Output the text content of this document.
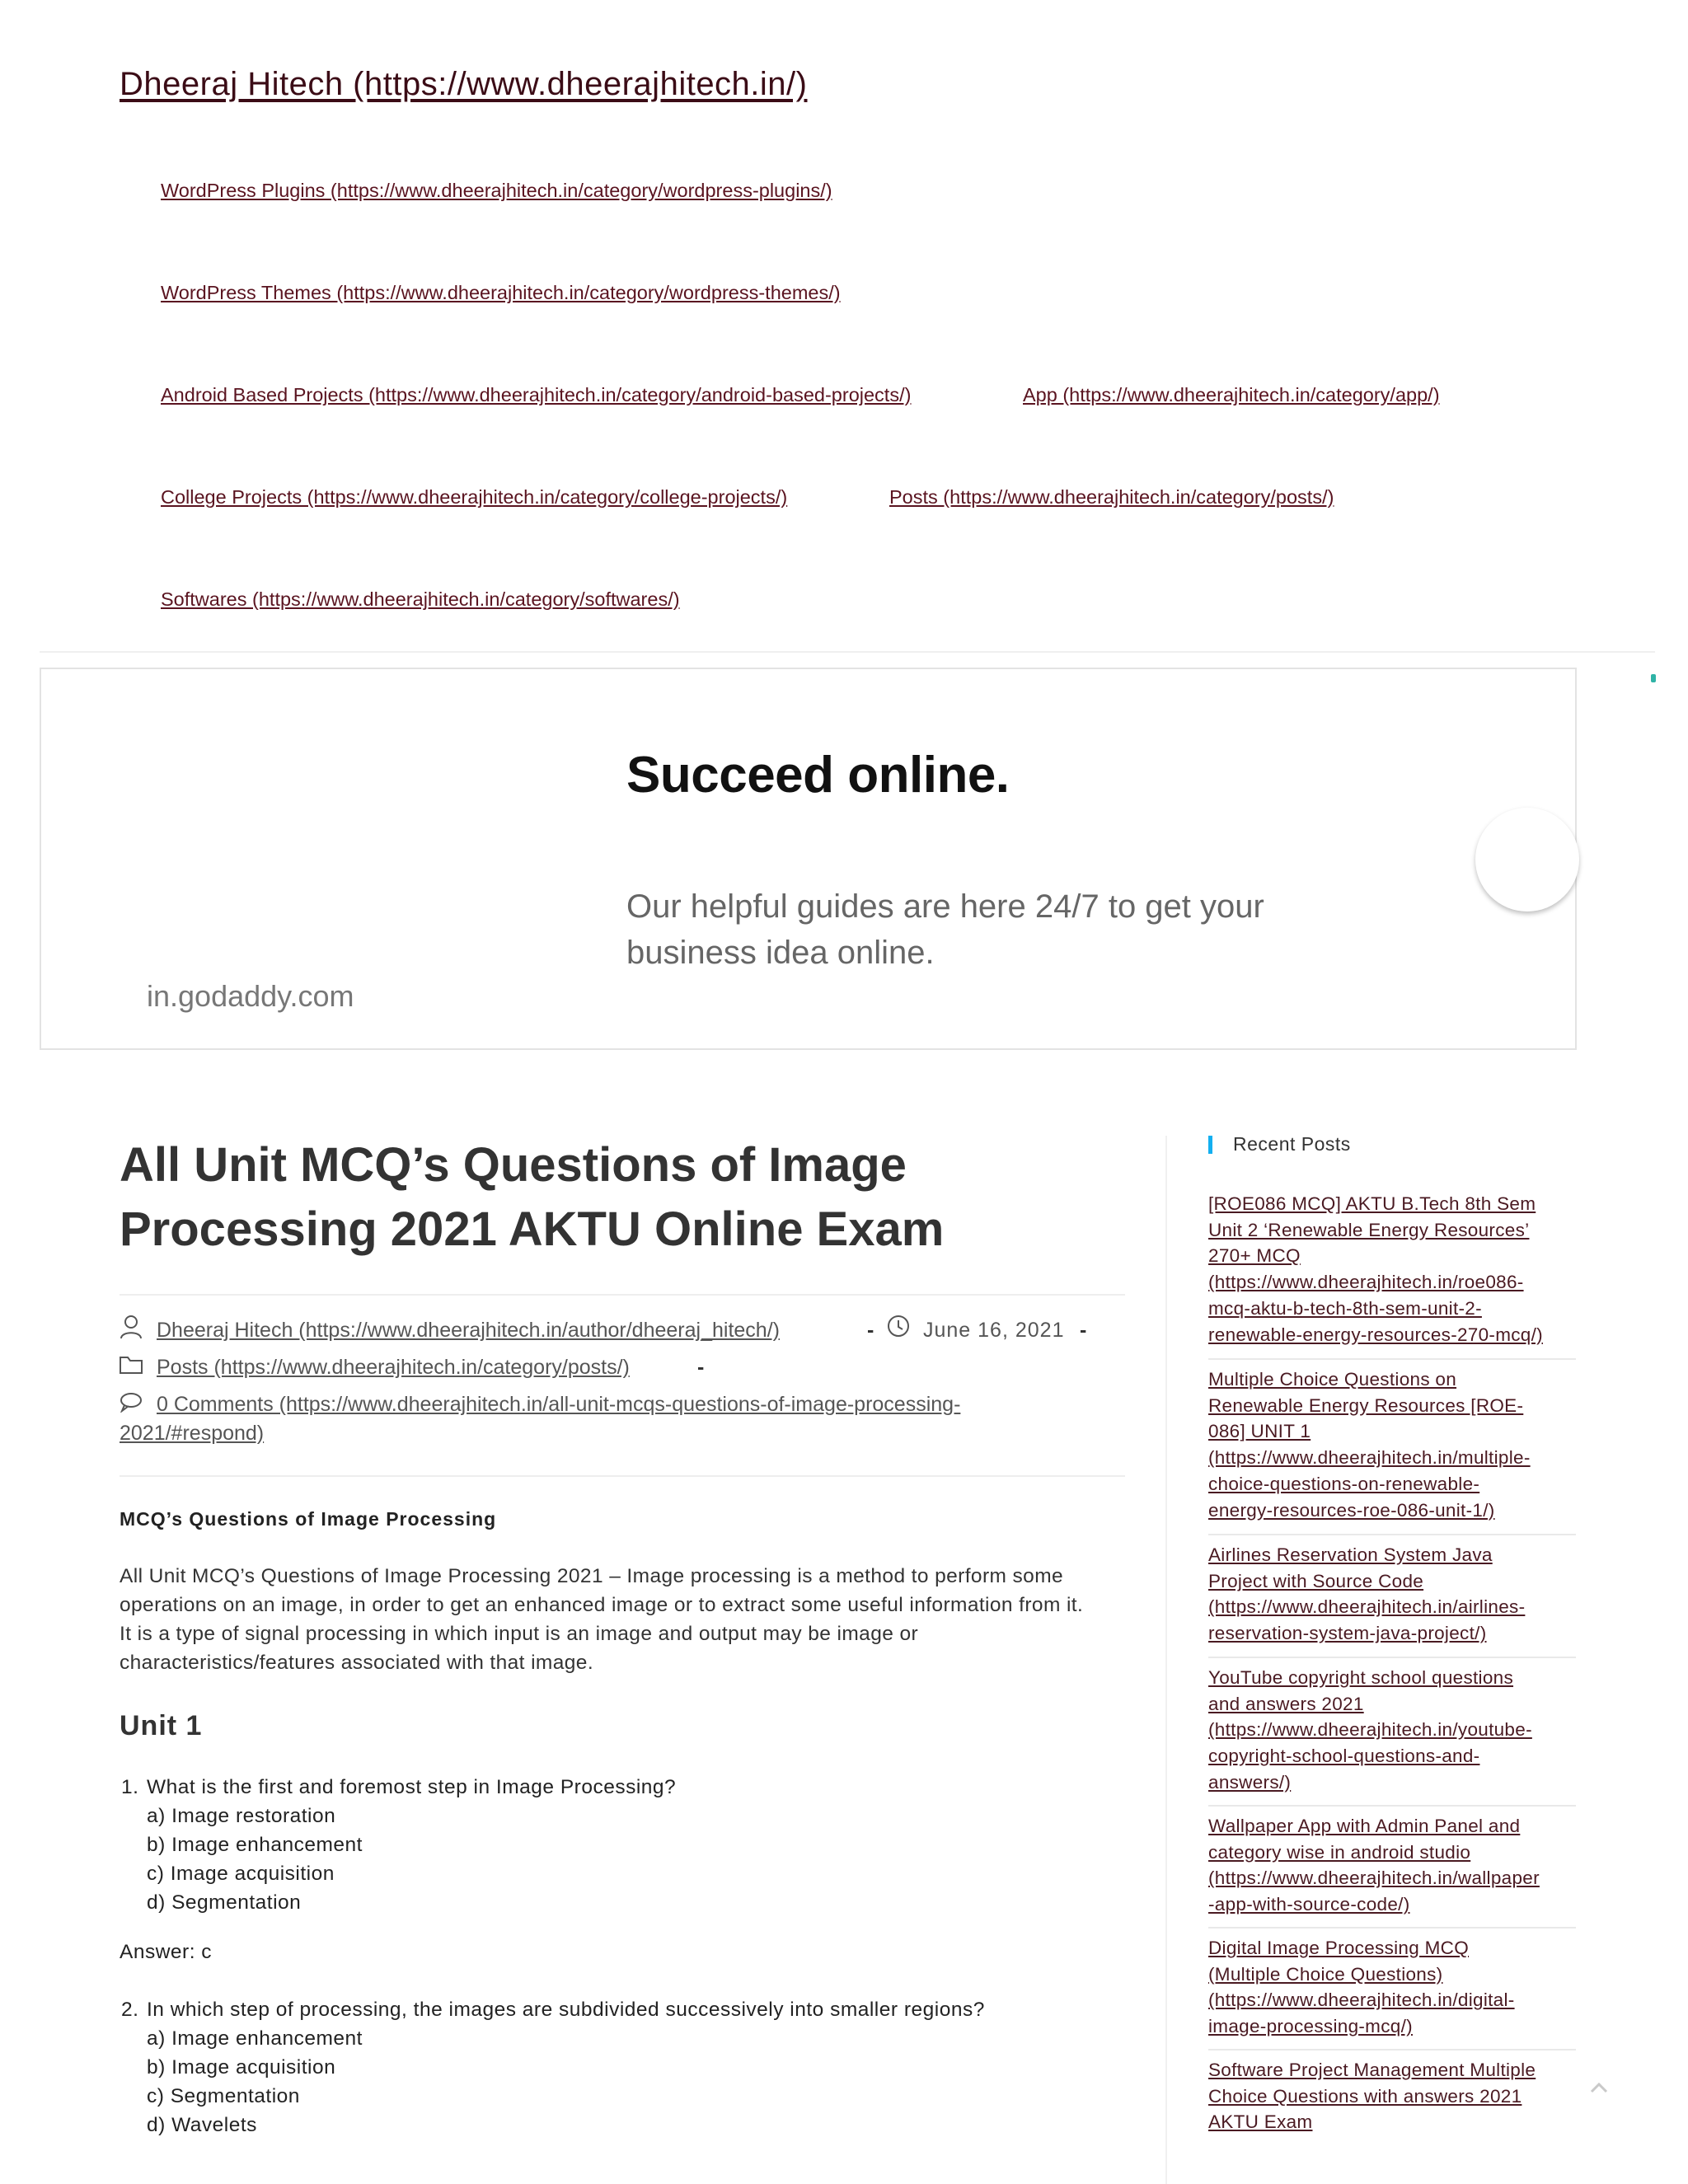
Dheeraj Hitech (https://www.dheerajhitech.in/)
WordPress Plugins (https://www.dheerajhitech.in/category/wordpress-plugins/)
WordPress Themes (https://www.dheerajhitech.in/category/wordpress-themes/)
Android Based Projects (https://www.dheerajhitech.in/category/android-based-projects/)	App (https://www.dheerajhitech.in/category/app/)
College Projects (https://www.dheerajhitech.in/category/college-projects/)	Posts (https://www.dheerajhitech.in/category/posts/)
Softwares (https://www.dheerajhitech.in/category/softwares/)
Succeed online.
Our helpful guides are here 24/7 to get your business idea online.
in.godaddy.com
All Unit MCQ’s Questions of Image Processing 2021 AKTU Online Exam
Dheeraj Hitech (https://www.dheerajhitech.in/author/dheeraj_hitech/)	- June 16, 2021 -
Posts (https://www.dheerajhitech.in/category/posts/)	-
0 Comments (https://www.dheerajhitech.in/all-unit-mcqs-questions-of-image-processing-
2021/#respond)
MCQ’s Questions of Image Processing

All Unit MCQ’s Questions of Image Processing 2021 – Image processing is a method to perform some operations on an image, in order to get an enhanced image or to extract some useful information from it. It is a type of signal processing in which input is an image and output may be image or characteristics/features associated with that image.

Unit 1
1. What is the first and foremost step in Image Processing?
a) Image restoration
b) Image enhancement
c) Image acquisition
d) Segmentation
Answer: c
2. In which step of processing, the images are subdivided successively into smaller regions?
a) Image enhancement
b) Image acquisition
c) Segmentation
d) Wavelets
Recent Posts
[ROE086 MCQ] AKTU B.Tech 8th Sem
Unit 2 ‘Renewable Energy Resources’
270+ MCQ
(https://www.dheerajhitech.in/roe086-
mcq-aktu-b-tech-8th-sem-unit-2-
renewable-energy-resources-270-mcq/)
Multiple Choice Questions on
Renewable Energy Resources [ROE-
086] UNIT 1
(https://www.dheerajhitech.in/multiple-
choice-questions-on-renewable-
energy-resources-roe-086-unit-1/)
Airlines Reservation System Java
Project with Source Code
(https://www.dheerajhitech.in/airlines-
reservation-system-java-project/)
YouTube copyright school questions
and answers 2021
(https://www.dheerajhitech.in/youtube-
copyright-school-questions-and-
answers/)
Wallpaper App with Admin Panel and
category wise in android studio
(https://www.dheerajhitech.in/wallpaper
-app-with-source-code/)
Digital Image Processing MCQ
(Multiple Choice Questions)
(https://www.dheerajhitech.in/digital-
image-processing-mcq/)
Software Project Management Multiple
Choice Questions with answers 2021
AKTU Exam
